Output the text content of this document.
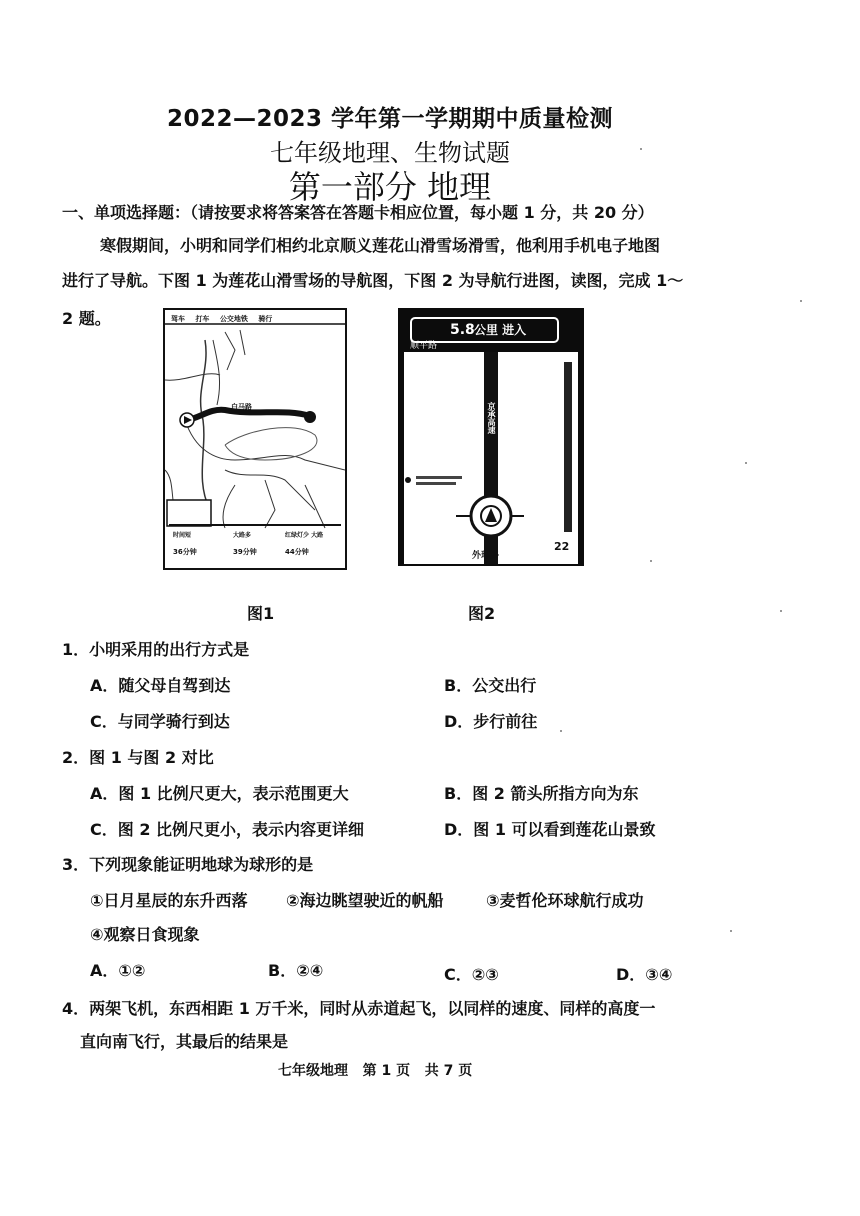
2022—2023 学年第一学期期中质量检测
七年级地理、生物试题
第一部分 地理
一、单项选择题：（请按要求将答案答在答题卡相应位置，每小题 1 分，共 20 分）
寒假期间，小明和同学们相约北京顺义莲花山滑雪场滑雪，他利用手机电子地图
进行了导航。下图 1 为莲花山滑雪场的导航图，下图 2 为导航行进图，读图，完成 1～
2 题。	驾车 打车 公交地铁 骑行
白马路
时间短
36分钟
大路多
39分钟
红绿灯少 大路
44分钟
图1
5.8 公里 进入
顺平路
京承高速
外环路
22
图2
1．小明采用的出行方式是
A．随父母自驾到达	B．公交出行
C．与同学骑行到达	D．步行前往
2．图 1 与图 2 对比
A．图 1 比例尺更大，表示范围更大	B．图 2 箭头所指方向为东
C．图 2 比例尺更小，表示内容更详细	D．图 1 可以看到莲花山景致
3．下列现象能证明地球为球形的是
①日月星辰的东升西落 ②海边眺望驶近的帆船	③麦哲伦环球航行成功
④观察日食现象
A．①②	B．②④	C．②③	D．③④
4．两架飞机，东西相距 1 万千米，同时从赤道起飞，以同样的速度、同样的高度一
直向南飞行，其最后的结果是
七年级地理 第 1 页 共 7 页
